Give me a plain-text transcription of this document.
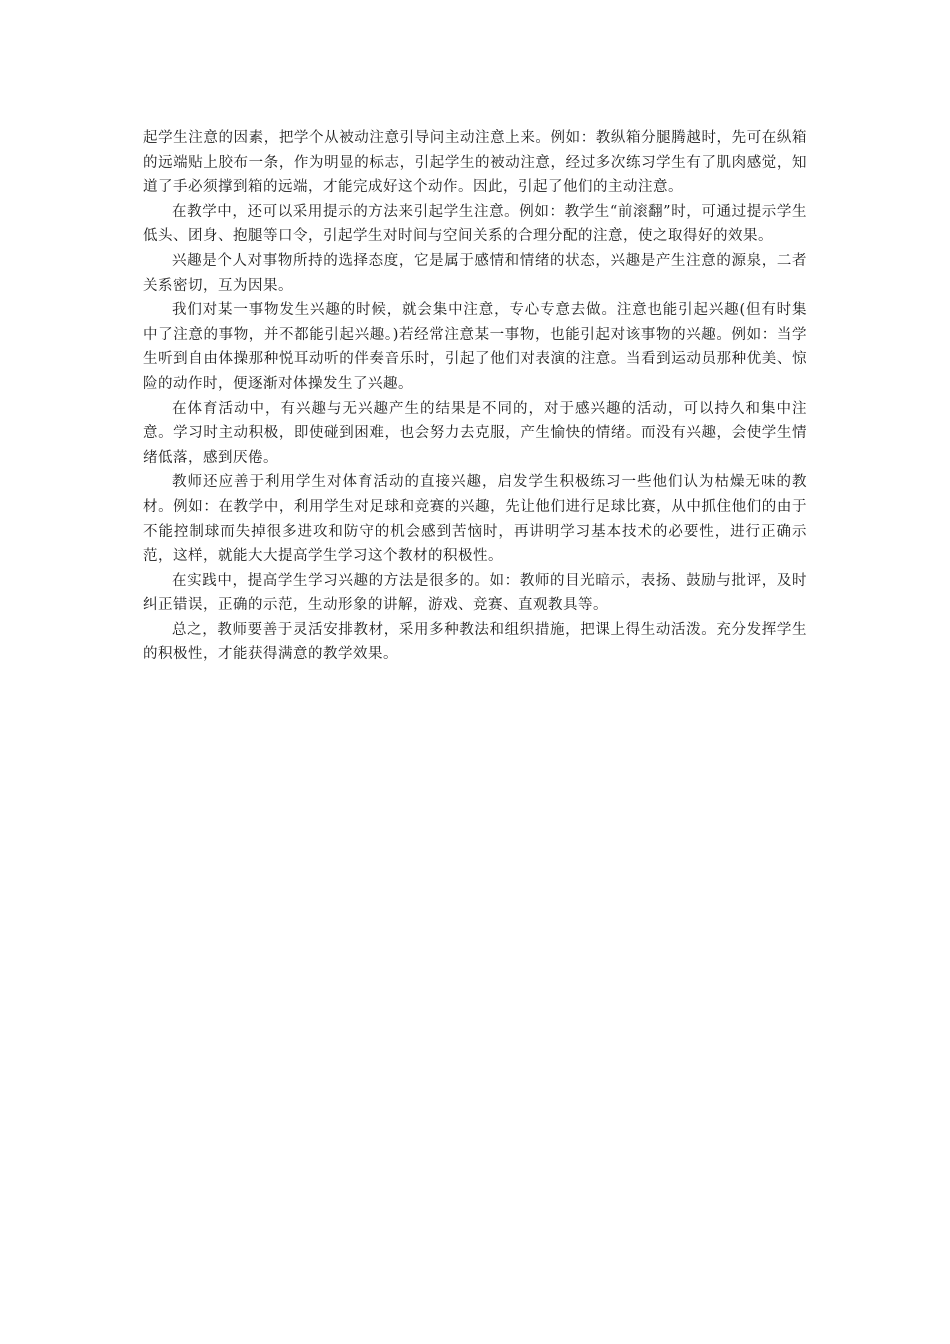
起学生注意的因素，把学个从被动注意引导问主动注意上来。例如：教纵箱分腿腾越时，先可在纵箱的远端贴上胶布一条，作为明显的标志，引起学生的被动注意，经过多次练习学生有了肌肉感觉，知道了手必须撑到箱的远端，才能完成好这个动作。因此，引起了他们的主动注意。

在教学中，还可以采用提示的方法来引起学生注意。例如：教学生“前滚翻”时，可通过提示学生低头、团身、抱腿等口令，引起学生对时间与空间关系的合理分配的注意，使之取得好的效果。

兴趣是个人对事物所持的选择态度，它是属于感情和情绪的状态，兴趣是产生注意的源泉，二者关系密切，互为因果。

我们对某一事物发生兴趣的时候，就会集中注意，专心专意去做。注意也能引起兴趣(但有时集中了注意的事物，并不都能引起兴趣。)若经常注意某一事物，也能引起对该事物的兴趣。例如：当学生听到自由体操那种悦耳动听的伴奏音乐时，引起了他们对表演的注意。当看到运动员那种优美、惊险的动作时，便逐渐对体操发生了兴趣。

在体育活动中，有兴趣与无兴趣产生的结果是不同的，对于感兴趣的活动，可以持久和集中注意。学习时主动积极，即使碰到困难，也会努力去克服，产生愉快的情绪。而没有兴趣，会使学生情绪低落，感到厌倦。

教师还应善于利用学生对体育活动的直接兴趣，启发学生积极练习一些他们认为枯燥无味的教材。例如：在教学中，利用学生对足球和竞赛的兴趣，先让他们进行足球比赛，从中抓住他们的由于不能控制球而失掉很多进攻和防守的机会感到苦恼时，再讲明学习基本技术的必要性，进行正确示范，这样，就能大大提高学生学习这个教材的积极性。

在实践中，提高学生学习兴趣的方法是很多的。如：教师的目光暗示，表扬、鼓励与批评，及时纠正错误，正确的示范，生动形象的讲解，游戏、竞赛、直观教具等。

总之，教师要善于灵活安排教材，采用多种教法和组织措施，把课上得生动活泼。充分发挥学生的积极性，才能获得满意的教学效果。
